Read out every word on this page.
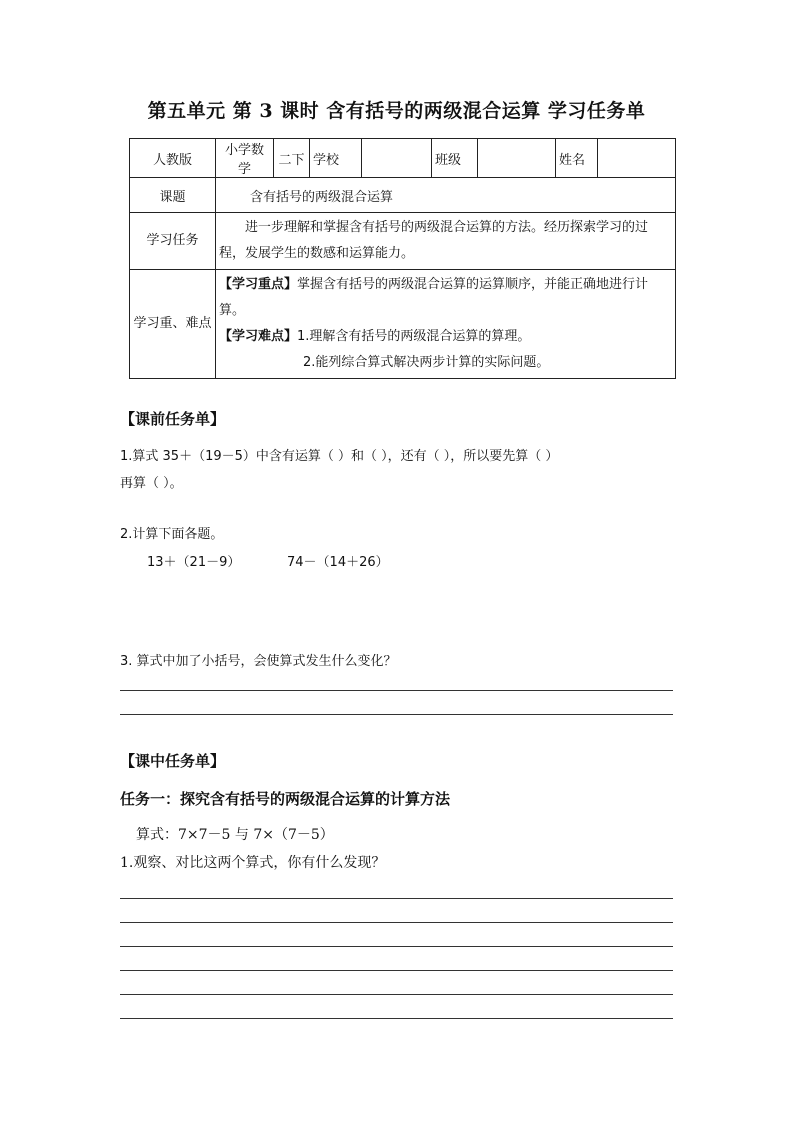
第五单元 第 3 课时 含有括号的两级混合运算 学习任务单
人教版	小学数学	二下	学校		班级		姓名	
课题	含有括号的两级混合运算							
学习任务	进一步理解和掌握含有括号的两级混合运算的方法。经历探索学习的过程，发展学生的数感和运算能力。							
学习重、难点	【学习重点】掌握含有括号的两级混合运算的运算顺序，并能正确地进行计算。
【学习难点】1.理解含有括号的两级混合运算的算理。
2.能列综合算式解决两步计算的实际问题。							
【课前任务单】
1.算式 35＋（19－5）中含有运算（ ）和（ ），还有（ ），所以要先算（ ）
再算（ ）。
2.计算下面各题。
13＋（21－9）	74－（14＋26）
3. 算式中加了小括号，会使算式发生什么变化？
【课中任务单】
任务一：探究含有括号的两级混合运算的计算方法
算式：7×7－5 与 7×（7－5）
1.观察、对比这两个算式，你有什么发现？
